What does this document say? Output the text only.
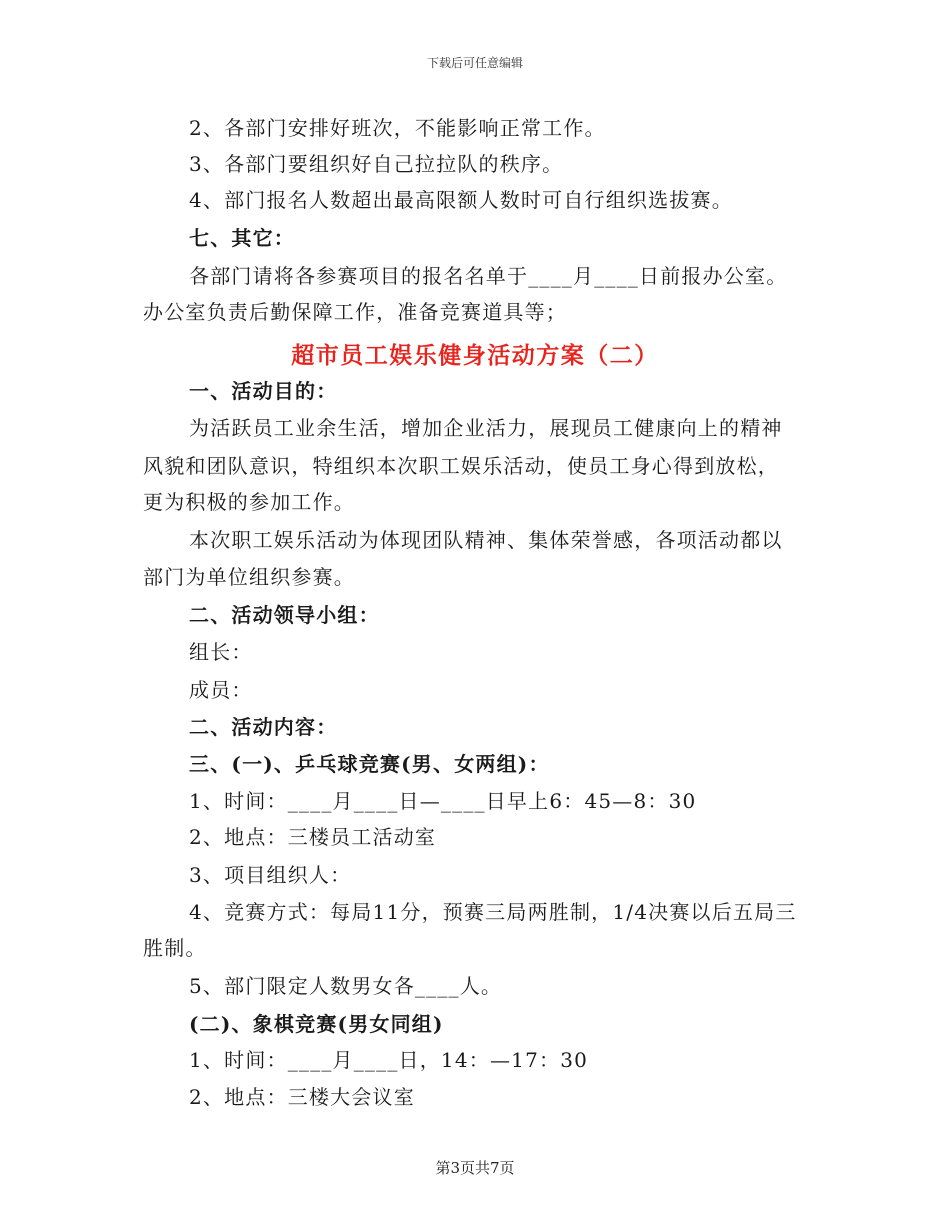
下载后可任意编辑
2、各部门安排好班次，不能影响正常工作。
3、各部门要组织好自己拉拉队的秩序。
4、部门报名人数超出最高限额人数时可自行组织选拔赛。
七、其它：
各部门请将各参赛项目的报名名单于____月____日前报办公室。
办公室负责后勤保障工作，准备竞赛道具等；
超市员工娱乐健身活动方案（二）
一、活动目的：
为活跃员工业余生活，增加企业活力，展现员工健康向上的精神
风貌和团队意识，特组织本次职工娱乐活动，使员工身心得到放松，
更为积极的参加工作。
本次职工娱乐活动为体现团队精神、集体荣誉感，各项活动都以
部门为单位组织参赛。
二、活动领导小组：
组长：
成员：
二、活动内容：
三、(一)、乒乓球竞赛(男、女两组)：
1、时间：____月____日—____日早上6：45—8：30
2、地点：三楼员工活动室
3、项目组织人：
4、竞赛方式：每局11分，预赛三局两胜制，1/4决赛以后五局三
胜制。
5、部门限定人数男女各____人。
(二)、象棋竞赛(男女同组)
1、时间：____月____日，14：—17：30
2、地点：三楼大会议室
第3页共7页
